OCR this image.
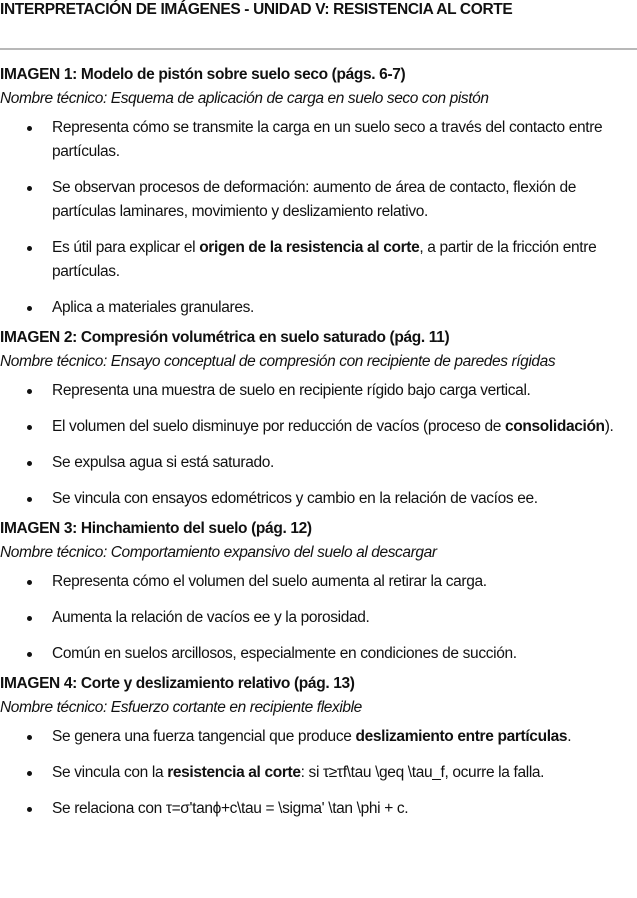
INTERPRETACIÓN DE IMÁGENES - UNIDAD V: RESISTENCIA AL CORTE
IMAGEN 1: Modelo de pistón sobre suelo seco (págs. 6-7)
Nombre técnico: Esquema de aplicación de carga en suelo seco con pistón
Representa cómo se transmite la carga en un suelo seco a través del contacto entre partículas.
Se observan procesos de deformación: aumento de área de contacto, flexión de partículas laminares, movimiento y deslizamiento relativo.
Es útil para explicar el origen de la resistencia al corte, a partir de la fricción entre partículas.
Aplica a materiales granulares.
IMAGEN 2: Compresión volumétrica en suelo saturado (pág. 11)
Nombre técnico: Ensayo conceptual de compresión con recipiente de paredes rígidas
Representa una muestra de suelo en recipiente rígido bajo carga vertical.
El volumen del suelo disminuye por reducción de vacíos (proceso de consolidación).
Se expulsa agua si está saturado.
Se vincula con ensayos edométricos y cambio en la relación de vacíos ee.
IMAGEN 3: Hinchamiento del suelo (pág. 12)
Nombre técnico: Comportamiento expansivo del suelo al descargar
Representa cómo el volumen del suelo aumenta al retirar la carga.
Aumenta la relación de vacíos ee y la porosidad.
Común en suelos arcillosos, especialmente en condiciones de succión.
IMAGEN 4: Corte y deslizamiento relativo (pág. 13)
Nombre técnico: Esfuerzo cortante en recipiente flexible
Se genera una fuerza tangencial que produce deslizamiento entre partículas.
Se vincula con la resistencia al corte: si τ≥τf\tau \geq \tau_f, ocurre la falla.
Se relaciona con τ=σ'tan⁡ϕ+c\tau = \sigma' \tan \phi + c.
